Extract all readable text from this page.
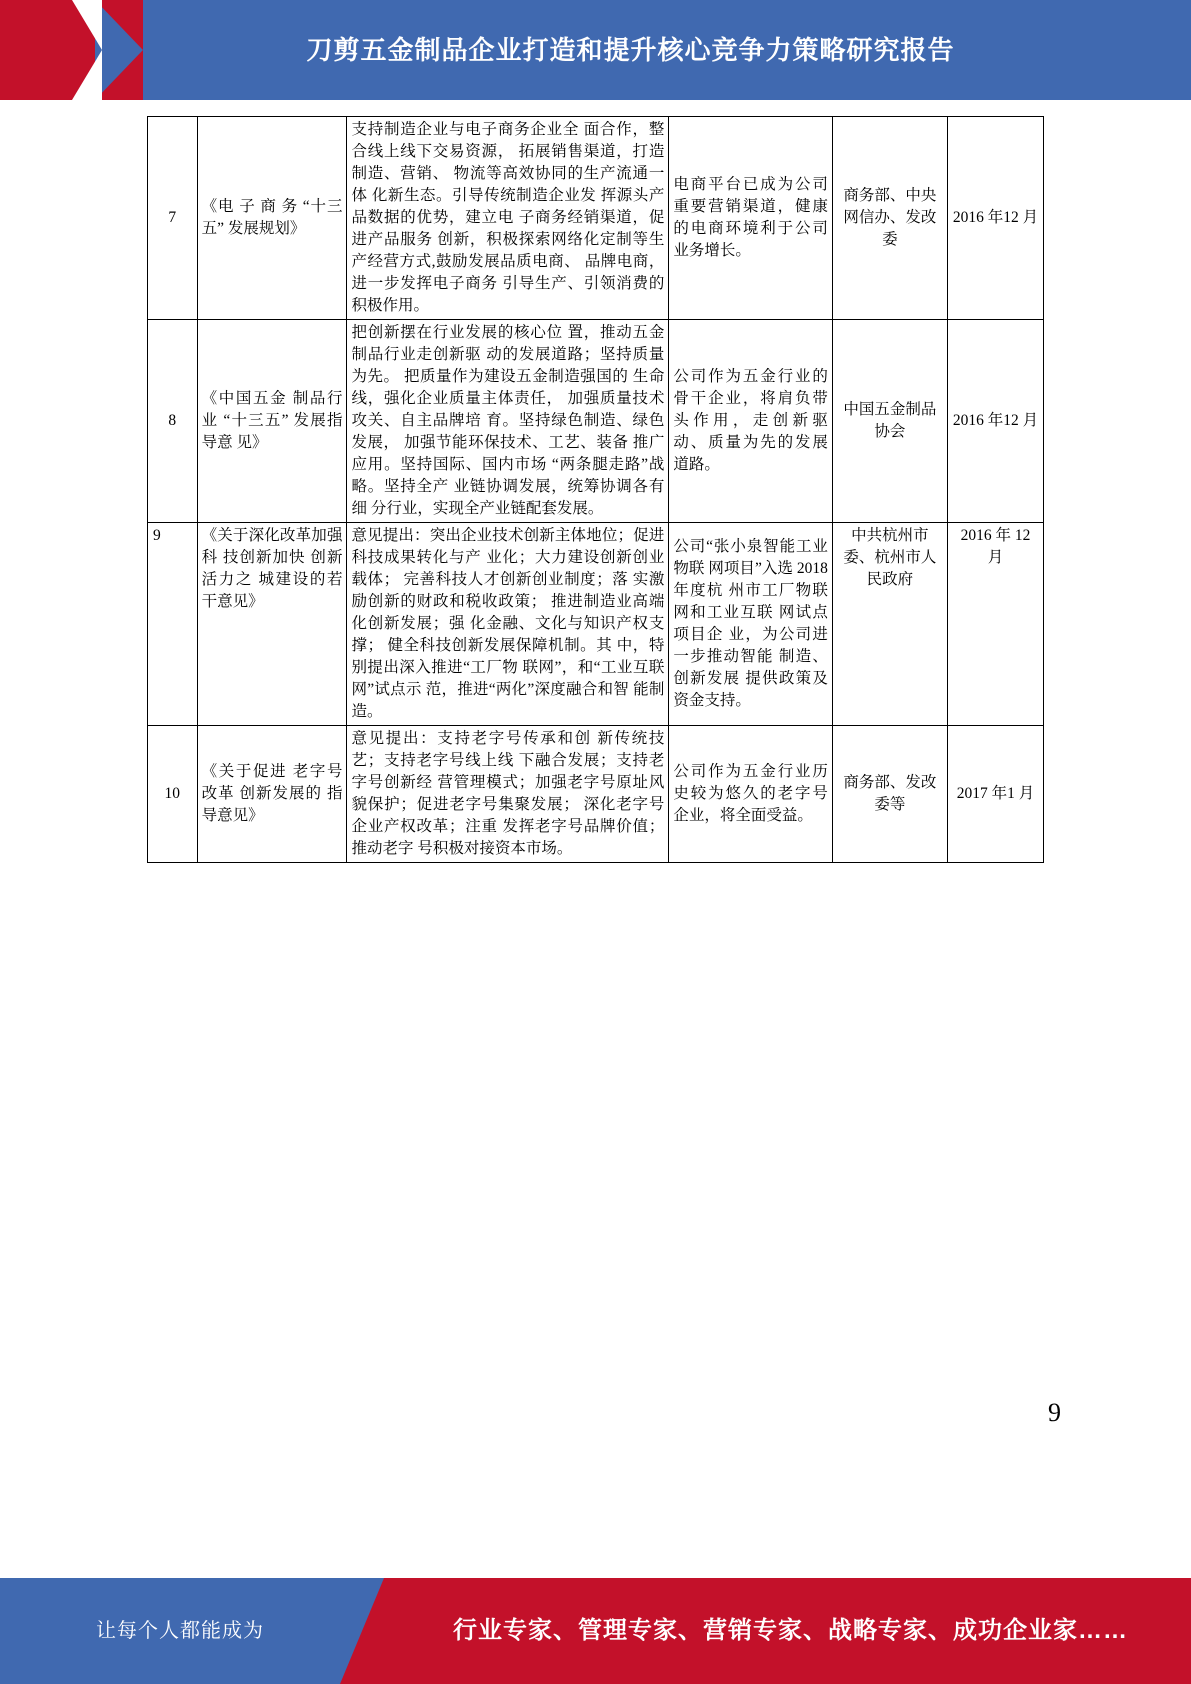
刀剪五金制品企业打造和提升核心竞争力策略研究报告
7	《电 子 商 务 “十三五” 发展规划》	支持制造企业与电子商务企业全 面合作，整合线上线下交易资源， 拓展销售渠道，打造制造、营销、 物流等高效协同的生产流通一体 化新生态。引导传统制造企业发 挥源头产品数据的优势，建立电 子商务经销渠道，促进产品服务 创新，积极探索网络化定制等生 产经营方式,鼓励发展品质电商、 品牌电商，进一步发挥电子商务 引导生产、引领消费的积极作用。	电商平台已成为公司重要营销渠道，健康的电商环境利于公司业务增长。	商务部、中央网信办、发改委	2016 年12 月
8	《中国五金 制品行业 “十三五” 发展指导意 见》	把创新摆在行业发展的核心位 置，推动五金制品行业走创新驱 动的发展道路；坚持质量为先。 把质量作为建设五金制造强国的 生命线，强化企业质量主体责任， 加强质量技术攻关、自主品牌培 育。坚持绿色制造、绿色发展， 加强节能环保技术、工艺、装备 推广应用。坚持国际、国内市场 “两条腿走路”战略。坚持全产 业链协调发展，统筹协调各有细 分行业，实现全产业链配套发展。	公司作为五金行业的骨干企业，将肩负带头作用，走创新驱动、质量为先的发展道路。	中国五金制品协会	2016 年12 月
9	《关于深化改革加强科 技创新加快 创新活力之 城建设的若干意见》	意见提出：突出企业技术创新主体地位；促进科技成果转化与产 业化；大力建设创新创业载体； 完善科技人才创新创业制度；落 实激励创新的财政和税收政策； 推进制造业高端化创新发展；强 化金融、文化与知识产权支撑； 健全科技创新发展保障机制。其 中，特别提出深入推进“工厂物 联网”，和“工业互联网”试点示 范，推进“两化”深度融合和智 能制造。	公司“张小泉智能工业物联 网项目”入选 2018 年度杭 州市工厂物联 网和工业互联 网试点项目企 业，为公司进 一步推动智能 制造、创新发展 提供政策及资金支持。	中共杭州市 委、杭州市人民政府	2016 年 12 月
10	《关于促进 老字号改革 创新发展的 指导意见》	意见提出：支持老字号传承和创 新传统技艺；支持老字号线上线 下融合发展；支持老字号创新经 营管理模式；加强老字号原址风 貌保护；促进老字号集聚发展； 深化老字号企业产权改革；注重 发挥老字号品牌价值；推动老字 号积极对接资本市场。	公司作为五金行业历史较为悠久的老字号企业，将全面受益。	商务部、发改委等	2017 年1 月
9
让每个人都能成为	行业专家、管理专家、营销专家、战略专家、成功企业家……
